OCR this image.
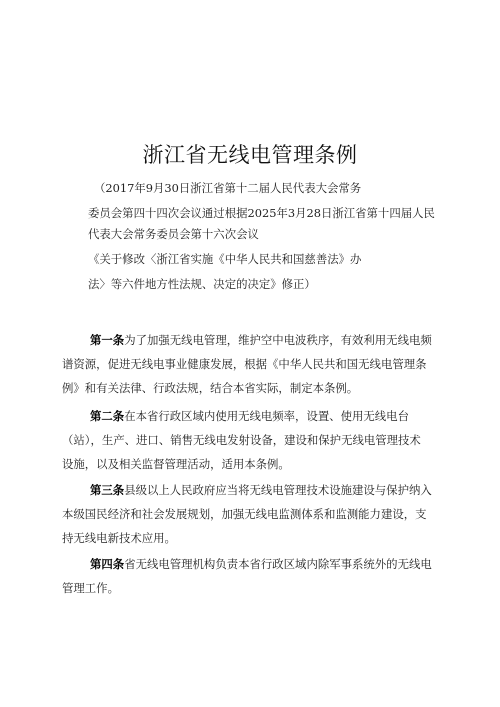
浙江省无线电管理条例
（2017年9月30日浙江省第十二届人民代表大会常务
委员会第四十四次会议通过根据2025年3月28日浙江省第十四届人民
代表大会常务委员会第十六次会议
《关于修改〈浙江省实施《中华人民共和国慈善法》办
法〉等六件地方性法规、决定的决定》修正）
第一条为了加强无线电管理，维护空中电波秩序，有效利用无线电频
谱资源，促进无线电事业健康发展，根据《中华人民共和国无线电管理条
例》和有关法律、行政法规，结合本省实际，制定本条例。
第二条在本省行政区域内使用无线电频率，设置、使用无线电台
（站），生产、进口、销售无线电发射设备，建设和保护无线电管理技术
设施，以及相关监督管理活动，适用本条例。
第三条县级以上人民政府应当将无线电管理技术设施建设与保护纳入
本级国民经济和社会发展规划，加强无线电监测体系和监测能力建设，支
持无线电新技术应用。
第四条省无线电管理机构负责本省行政区域内除军事系统外的无线电
管理工作。
